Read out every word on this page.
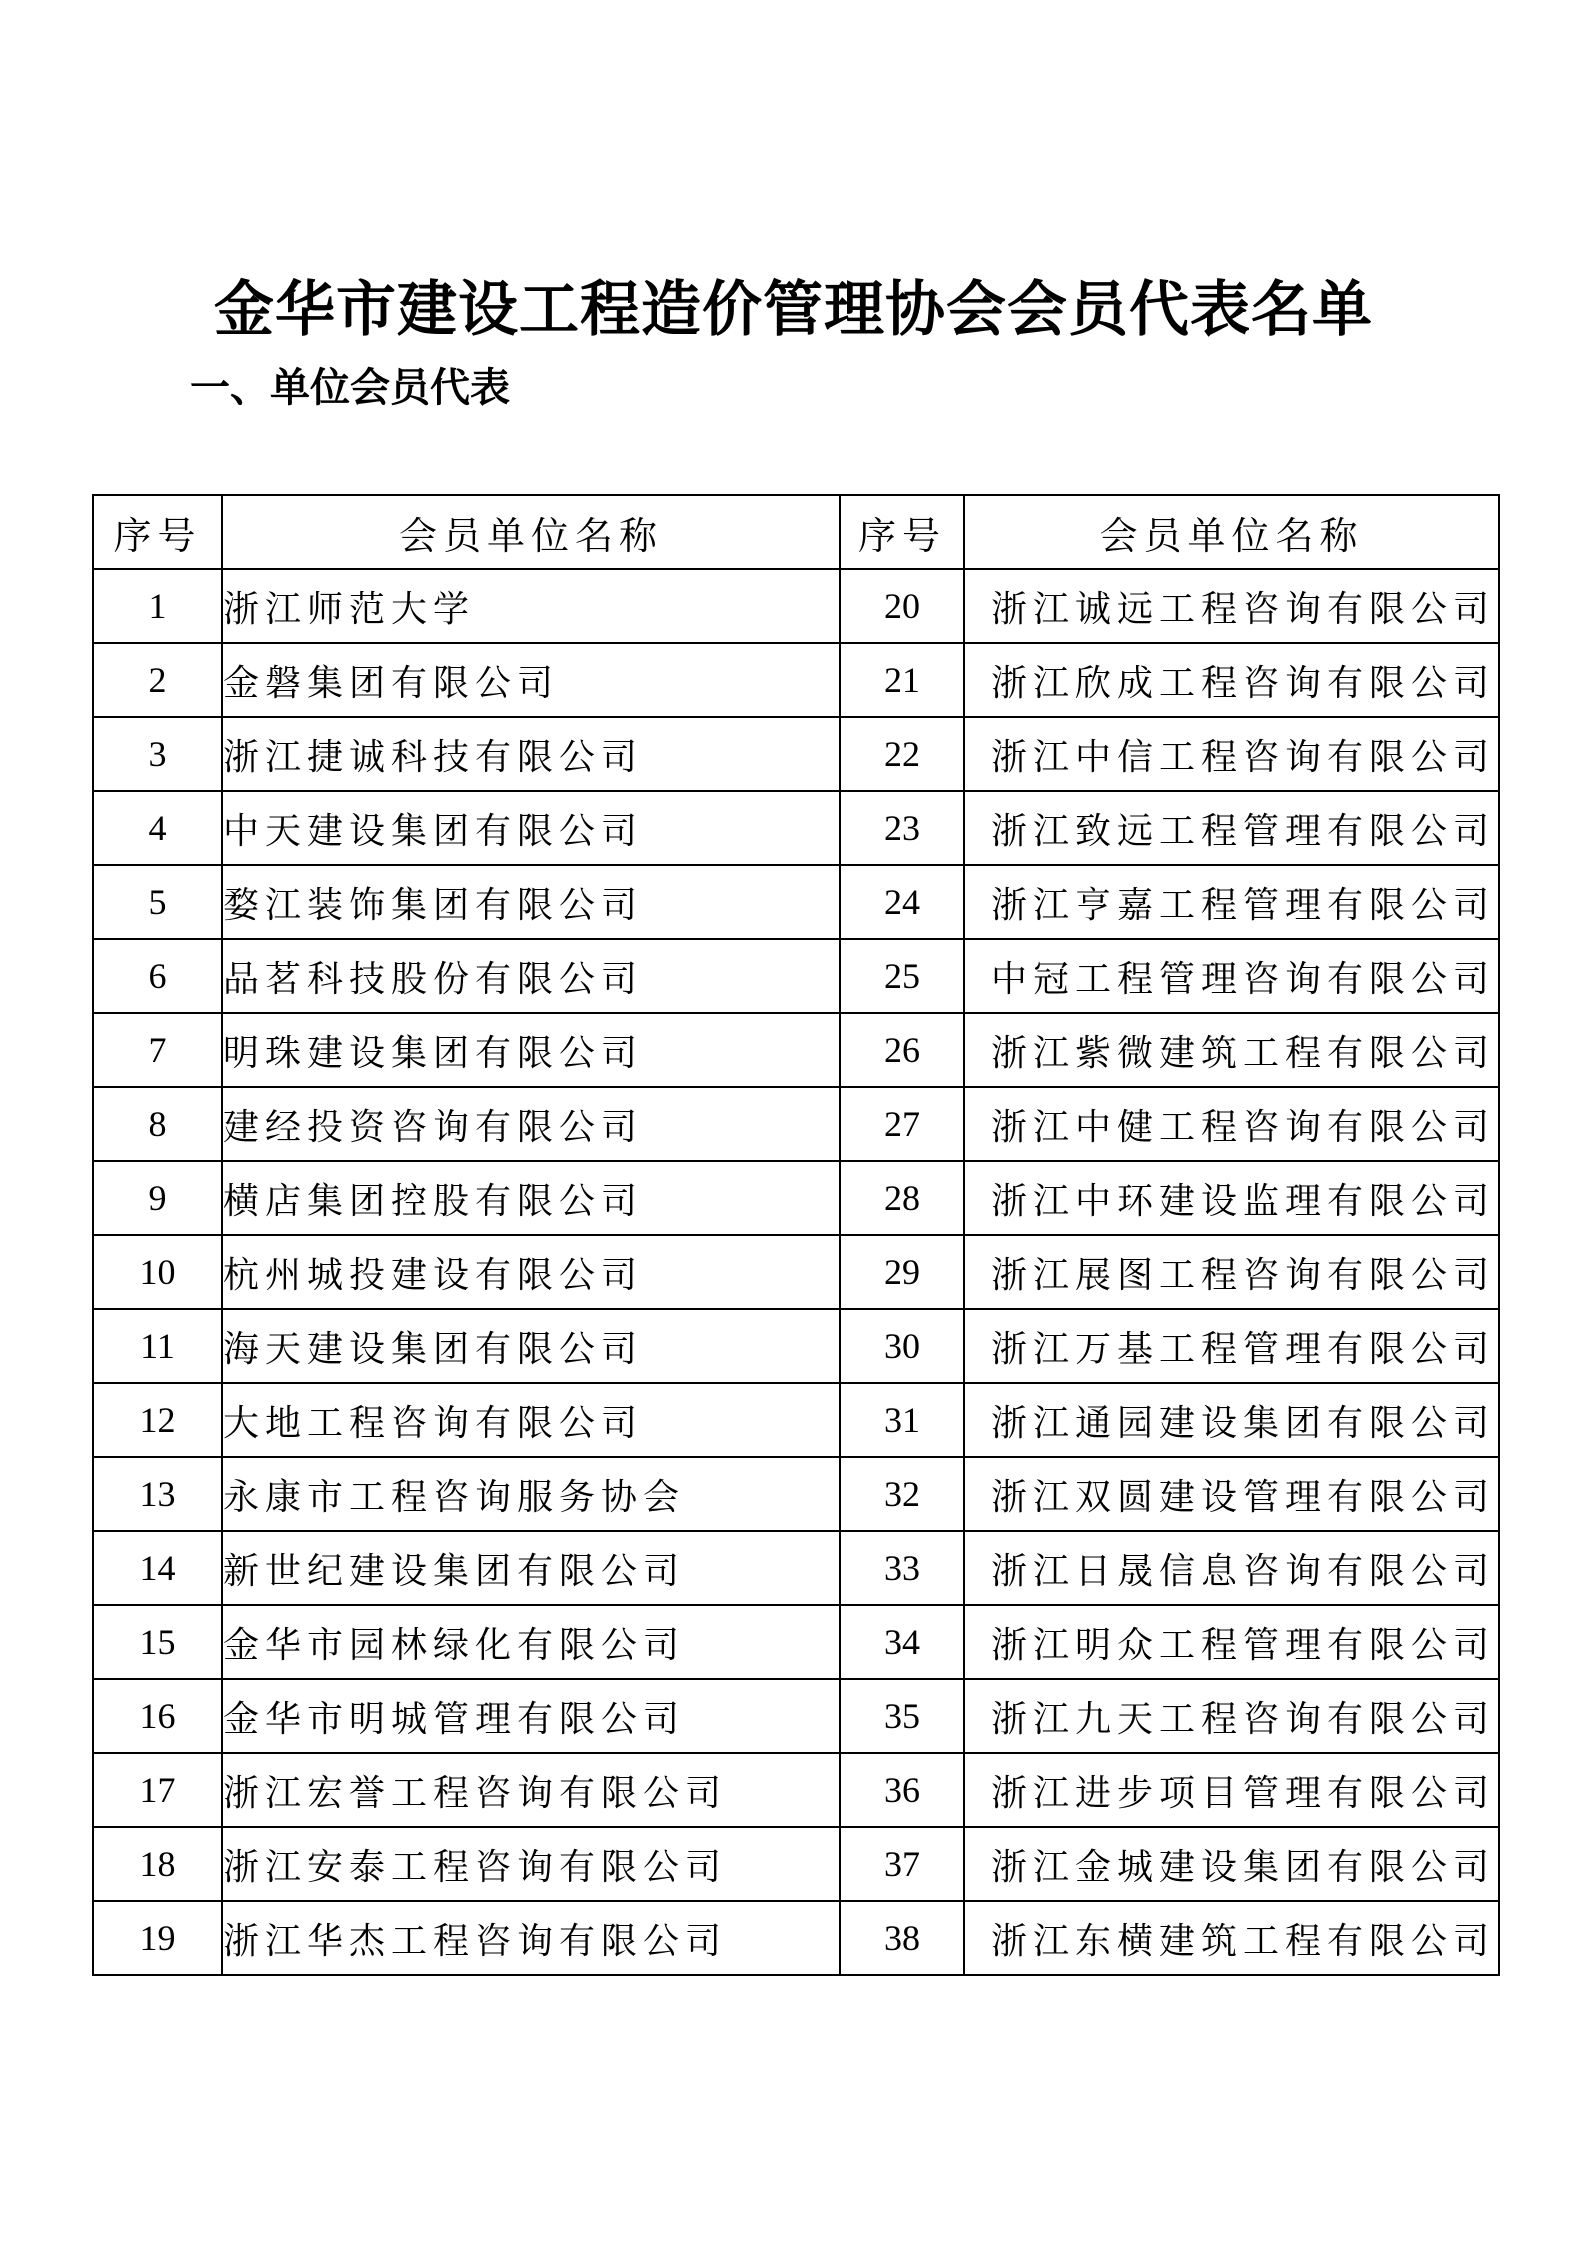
金华市建设工程造价管理协会会员代表名单
一、单位会员代表
序号	会员单位名称	序号	会员单位名称
1	浙江师范大学	20	浙江诚远工程咨询有限公司
2	金磐集团有限公司	21	浙江欣成工程咨询有限公司
3	浙江捷诚科技有限公司	22	浙江中信工程咨询有限公司
4	中天建设集团有限公司	23	浙江致远工程管理有限公司
5	婺江装饰集团有限公司	24	浙江亨嘉工程管理有限公司
6	品茗科技股份有限公司	25	中冠工程管理咨询有限公司
7	明珠建设集团有限公司	26	浙江紫微建筑工程有限公司
8	建经投资咨询有限公司	27	浙江中健工程咨询有限公司
9	横店集团控股有限公司	28	浙江中环建设监理有限公司
10	杭州城投建设有限公司	29	浙江展图工程咨询有限公司
11	海天建设集团有限公司	30	浙江万基工程管理有限公司
12	大地工程咨询有限公司	31	浙江通园建设集团有限公司
13	永康市工程咨询服务协会	32	浙江双圆建设管理有限公司
14	新世纪建设集团有限公司	33	浙江日晟信息咨询有限公司
15	金华市园林绿化有限公司	34	浙江明众工程管理有限公司
16	金华市明城管理有限公司	35	浙江九天工程咨询有限公司
17	浙江宏誉工程咨询有限公司	36	浙江进步项目管理有限公司
18	浙江安泰工程咨询有限公司	37	浙江金城建设集团有限公司
19	浙江华杰工程咨询有限公司	38	浙江东横建筑工程有限公司
